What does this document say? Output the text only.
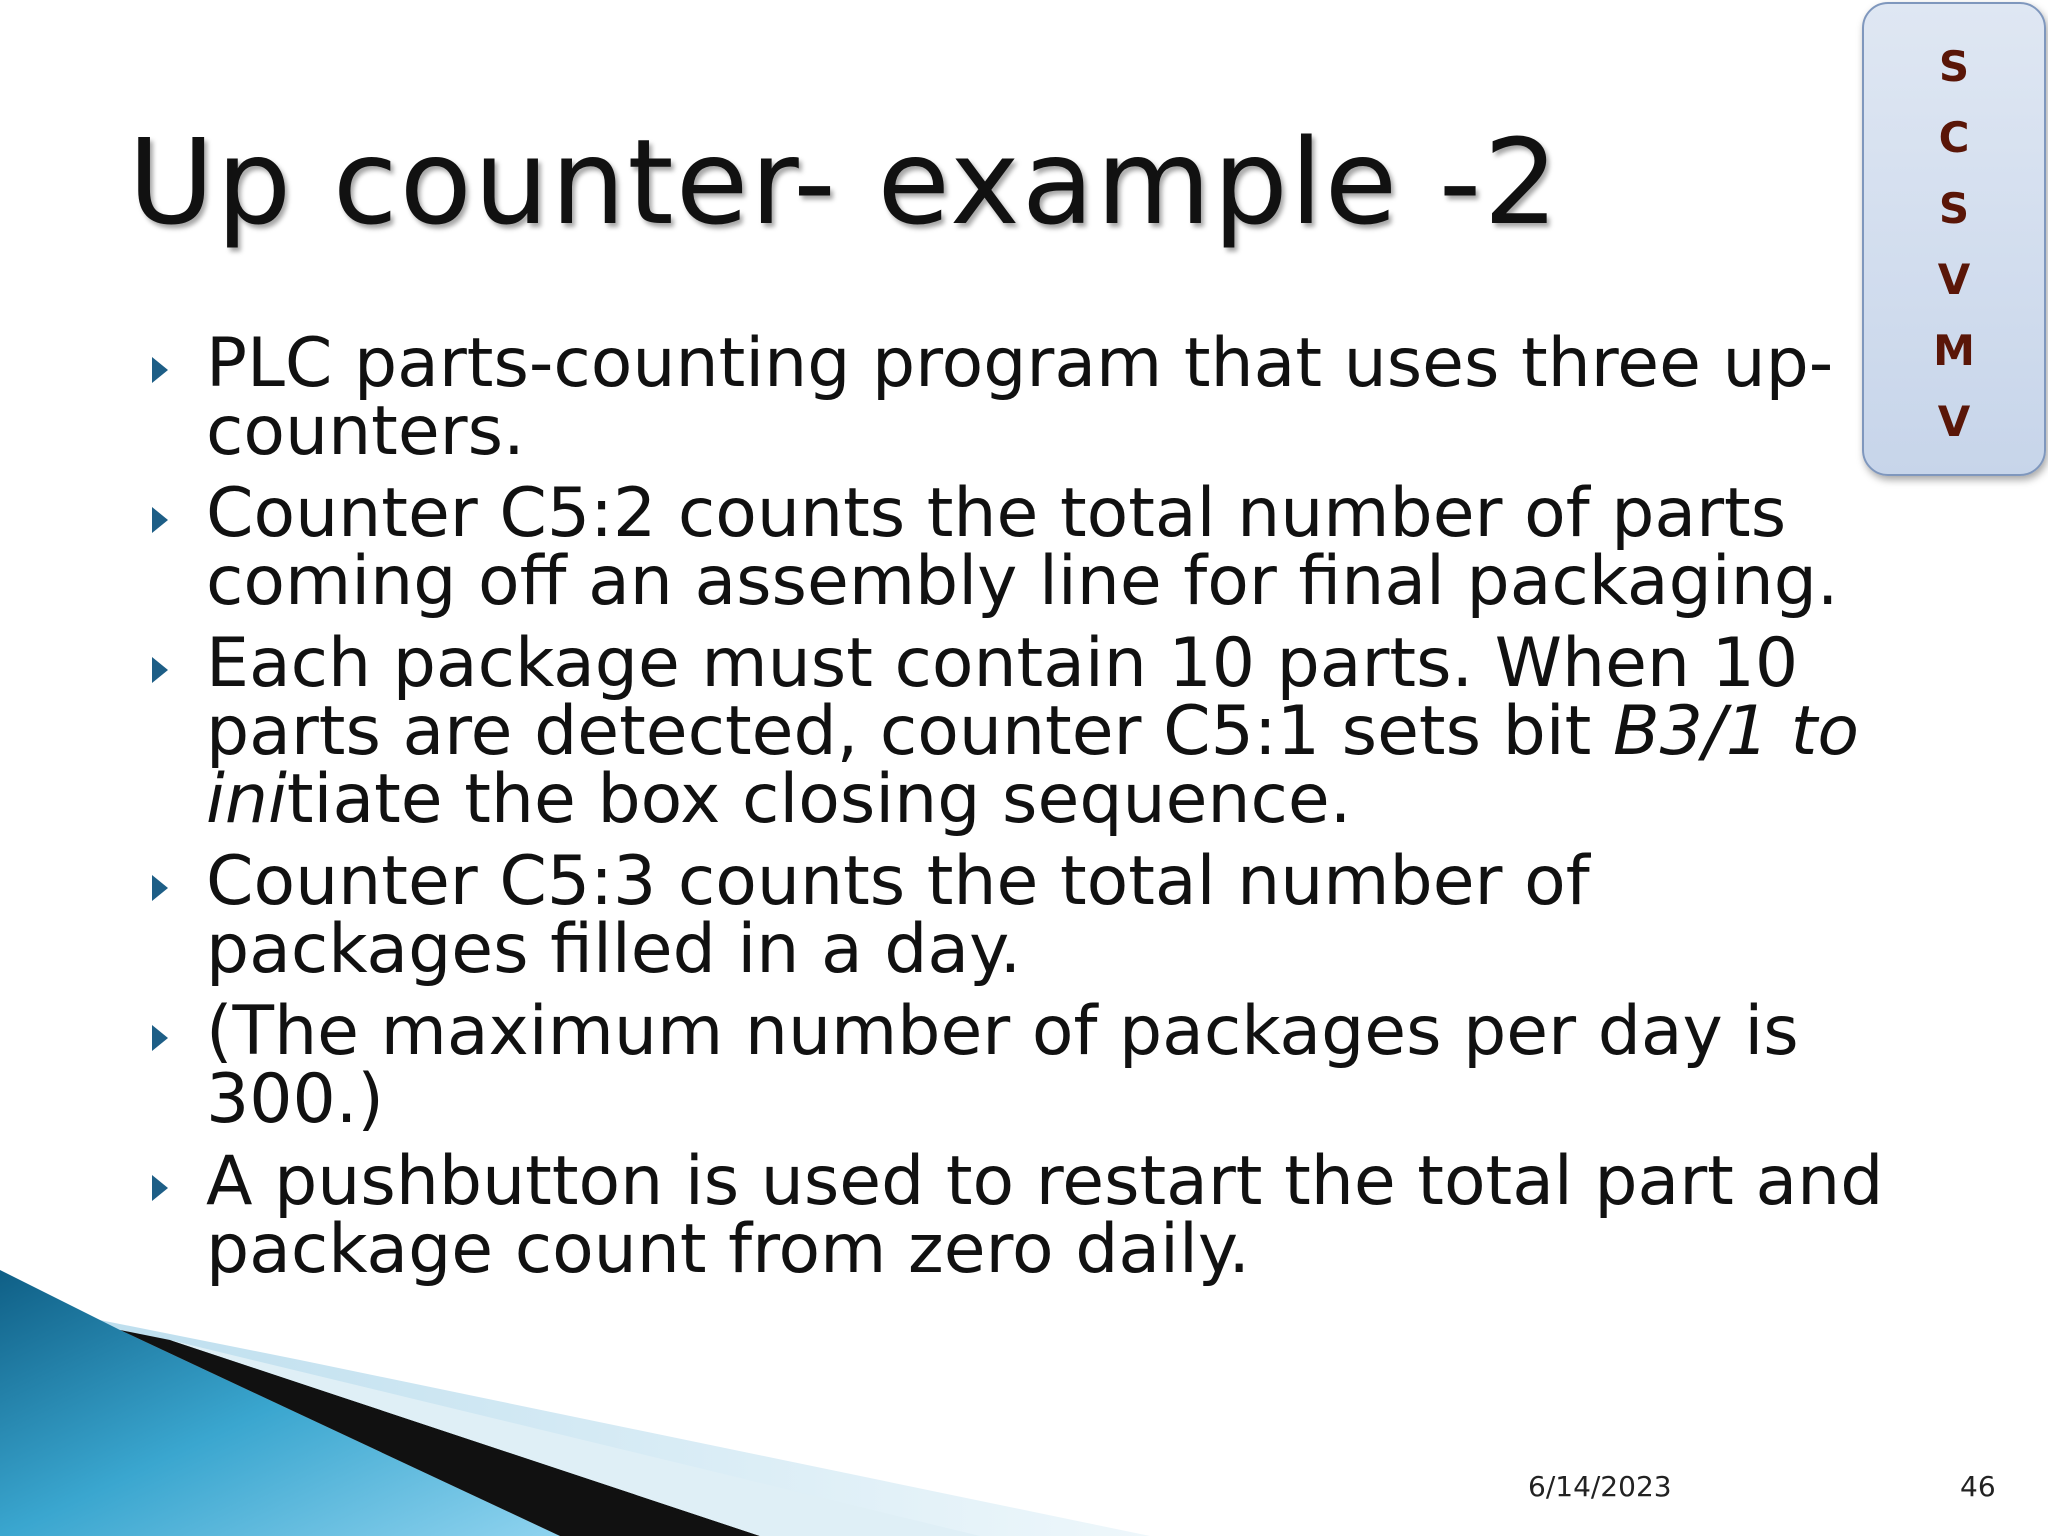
Up counter- example -2
S
C
S
V
M
V
PLC parts-counting program that uses three up-counters.
Counter C5:2 counts the total number of parts coming off an assembly line for final packaging.
Each package must contain 10 parts. When 10 parts are detected, counter C5:1 sets bit B3/1 to initiate the box closing sequence.
Counter C5:3 counts the total number of packages filled in a day.
(The maximum number of packages per day is 300.)
A pushbutton is used to restart the total part and package count from zero daily.
6/14/2023	46
